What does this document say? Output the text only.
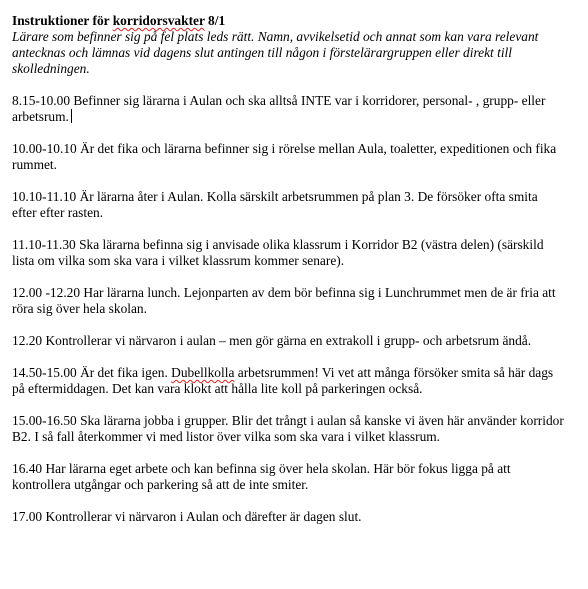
Instruktioner för korridorsvakter 8/1

Lärare som befinner sig på fel plats leds rätt. Namn, avvikelsetid och annat som kan vara relevant antecknas och lämnas vid dagens slut antingen till någon i förstelärargruppen eller direkt till skolledningen.

8.15-10.00 Befinner sig lärarna i Aulan och ska alltså INTE var i korridorer, personal- , grupp- eller arbetsrum.

10.00-10.10 Är det fika och lärarna befinner sig i rörelse mellan Aula, toaletter, expeditionen och fika rummet.

10.10-11.10 Är lärarna åter i Aulan. Kolla särskilt arbetsrummen på plan 3. De försöker ofta smita efter efter rasten.

11.10-11.30 Ska lärarna befinna sig i anvisade olika klassrum i Korridor B2 (västra delen) (särskild lista om vilka som ska vara i vilket klassrum kommer senare).

12.00 -12.20 Har lärarna lunch. Lejonparten av dem bör befinna sig i Lunchrummet men de är fria att röra sig över hela skolan.

12.20 Kontrollerar vi närvaron i aulan – men gör gärna en extrakoll i grupp- och arbetsrum ändå.

14.50-15.00 Är det fika igen. Dubellkolla arbetsrummen! Vi vet att många försöker smita så här dags på eftermiddagen. Det kan vara klokt att hålla lite koll på parkeringen också.

15.00-16.50 Ska lärarna jobba i grupper. Blir det trångt i aulan så kanske vi även här använder korridor B2. I så fall återkommer vi med listor över vilka som ska vara i vilket klassrum.

16.40 Har lärarna eget arbete och kan befinna sig över hela skolan. Här bör fokus ligga på att kontrollera utgångar och parkering så att de inte smiter.

17.00 Kontrollerar vi närvaron i Aulan och därefter är dagen slut.
